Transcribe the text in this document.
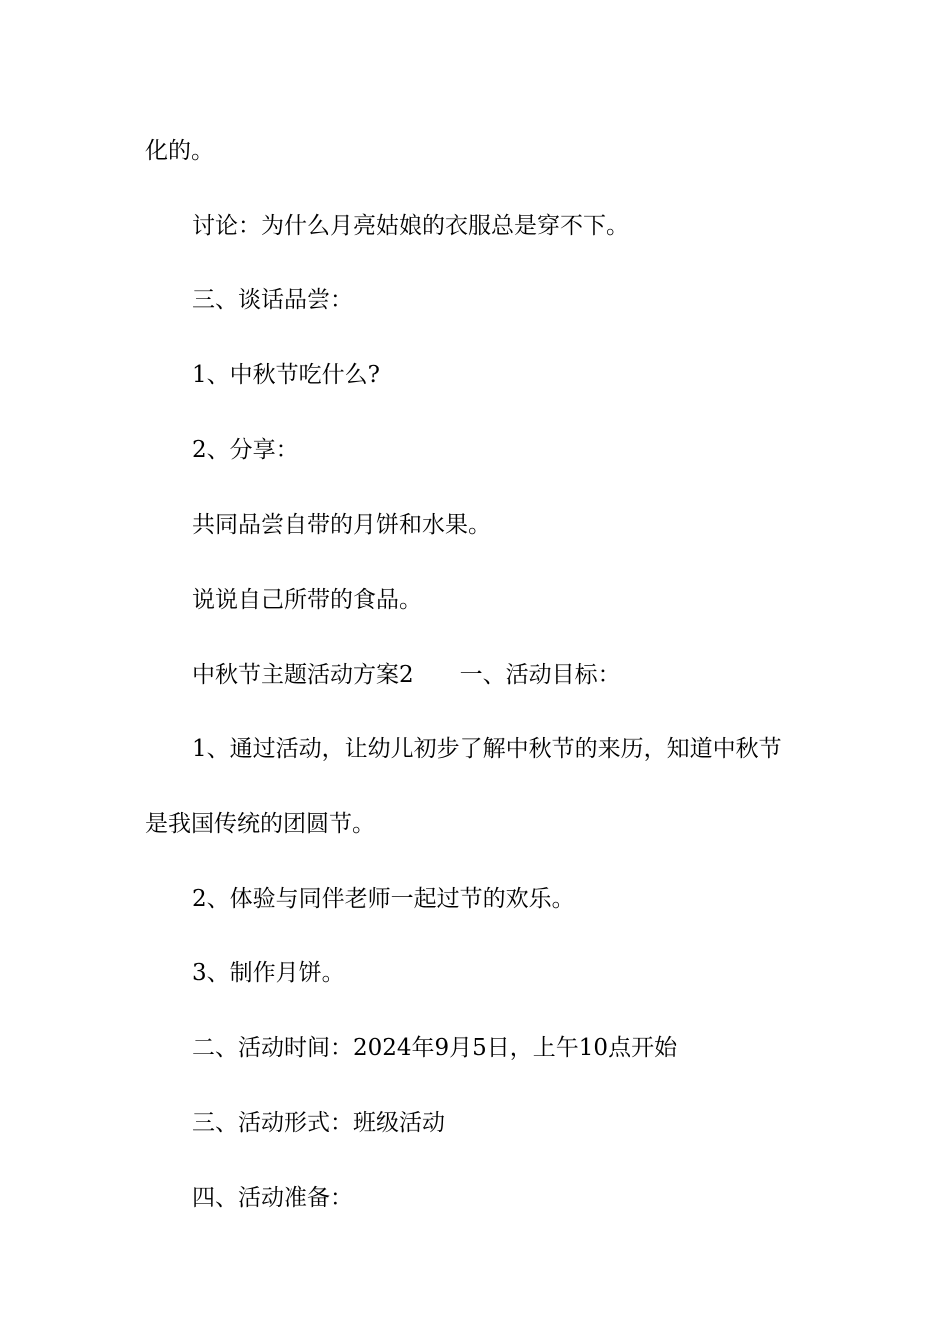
化的。
讨论：为什么月亮姑娘的衣服总是穿不下。
三、谈话品尝：
1、中秋节吃什么?
2、分享：
共同品尝自带的月饼和水果。
说说自己所带的食品。
中秋节主题活动方案2 一、活动目标：
1、通过活动，让幼儿初步了解中秋节的来历，知道中秋节
是我国传统的团圆节。
2、体验与同伴老师一起过节的欢乐。
3、制作月饼。
二、活动时间：2024年9月5日，上午10点开始
三、活动形式：班级活动
四、活动准备：
